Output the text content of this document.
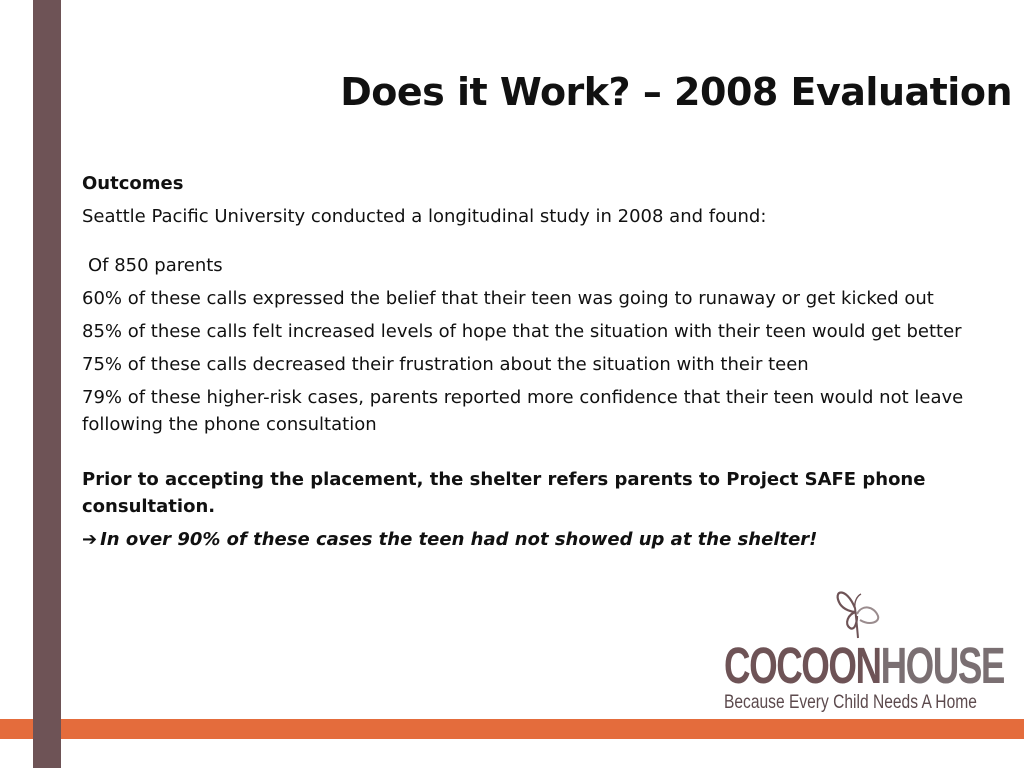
Does it Work? – 2008 Evaluation

Outcomes

Seattle Pacific University conducted a longitudinal study in 2008 and found:

Of 850 parents

60% of these calls expressed the belief that their teen was going to runaway or get kicked out

85% of these calls felt increased levels of hope that the situation with their teen would get better

75% of these calls decreased their frustration about the situation with their teen

79% of these higher-risk cases, parents reported more confidence that their teen would not leave following the phone consultation

Prior to accepting the placement, the shelter refers parents to Project SAFE phone consultation.

➔ In over 90% of these cases the teen had not showed up at the shelter!

COCOONHOUSE
Because Every Child Needs A Home
